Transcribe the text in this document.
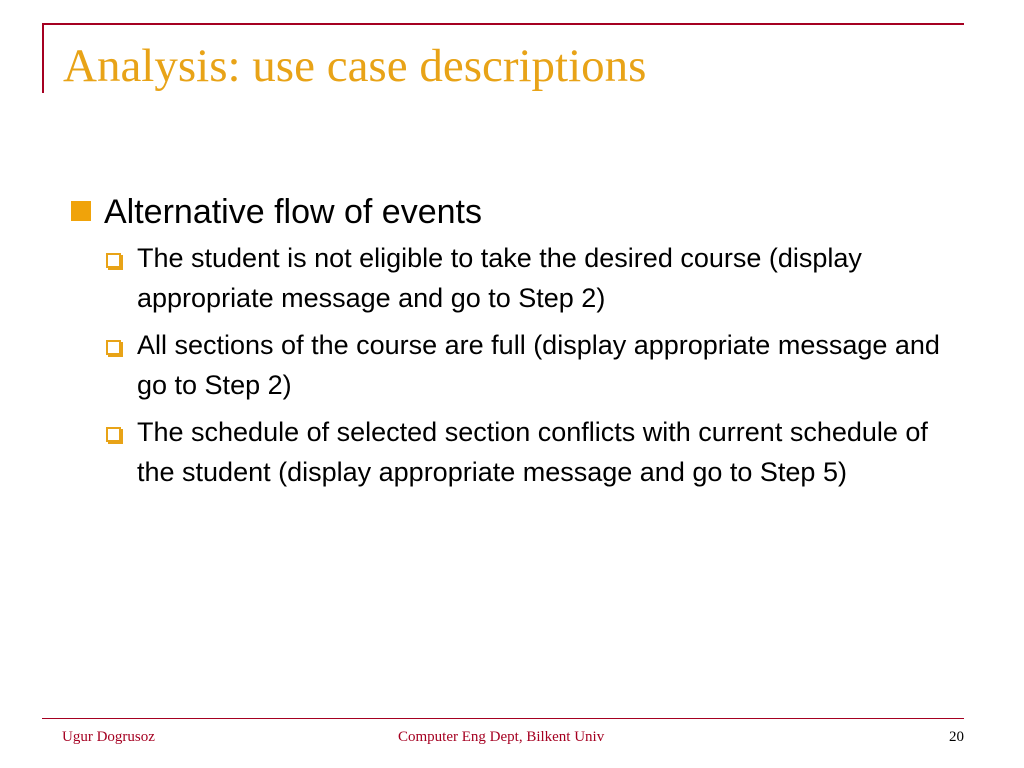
Analysis: use case descriptions
Alternative flow of events
The student is not eligible to take the desired course (display appropriate message and go to Step 2)
All sections of the course are full (display appropriate message and go to Step 2)
The schedule of selected section conflicts with current schedule of the student (display appropriate message and go to Step 5)
Ugur Dogrusoz	Computer Eng Dept, Bilkent Univ	20
